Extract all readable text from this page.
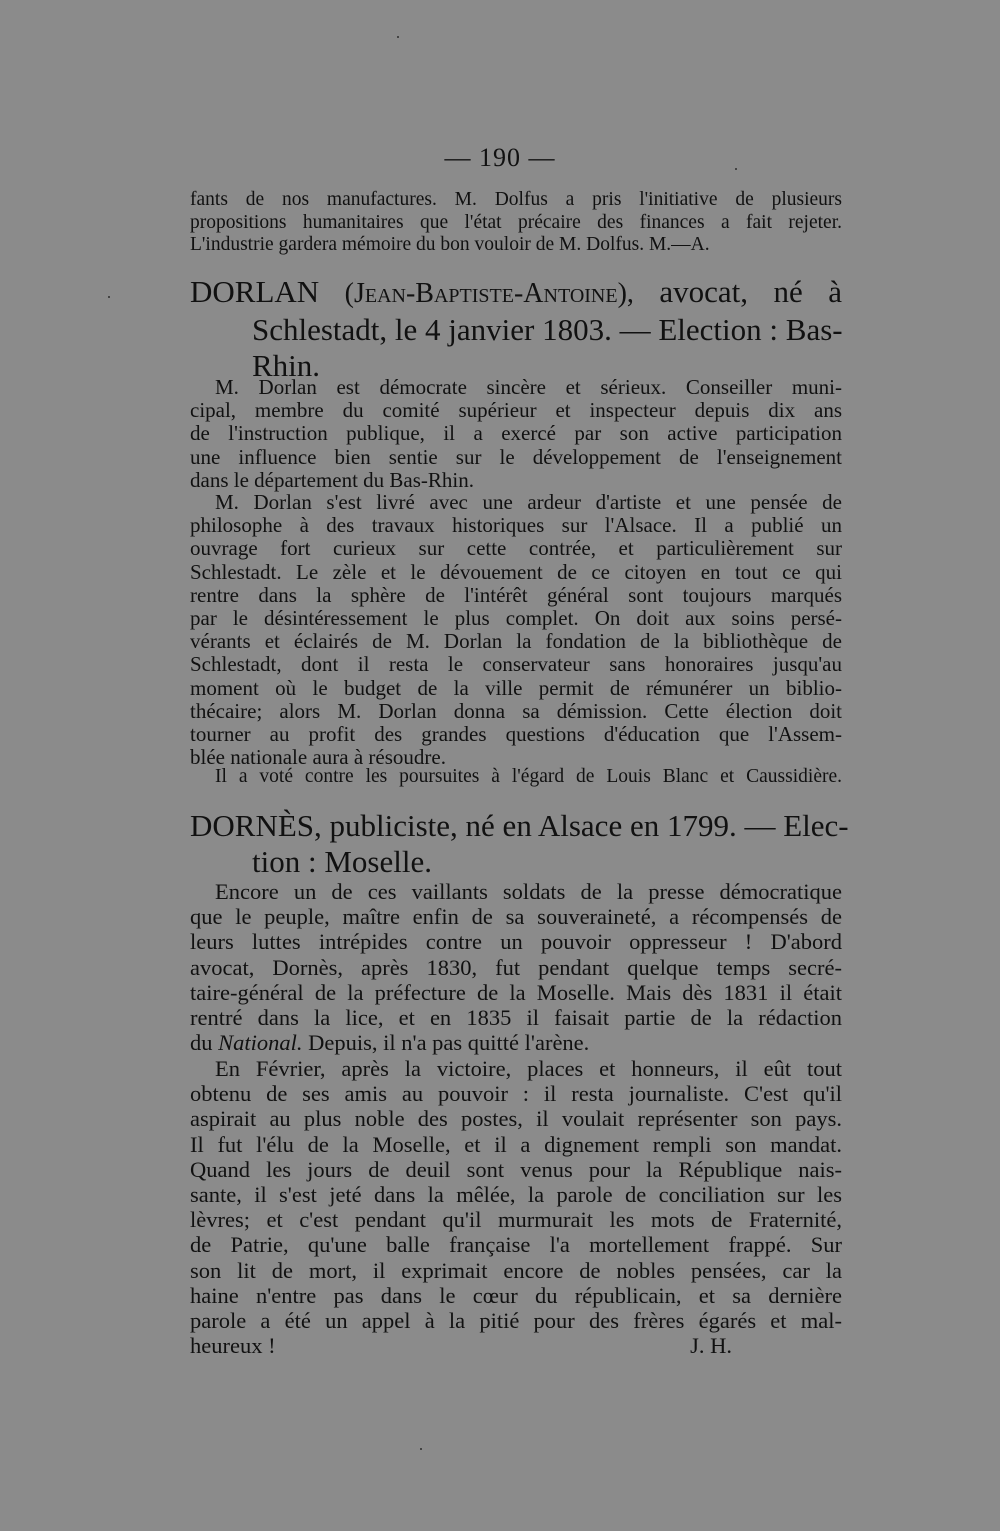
— 190 —
fants de nos manufactures. M. Dolfus a pris l'initiative de plusieurs
propositions humanitaires que l'état précaire des finances a fait rejeter.
L'industrie gardera mémoire du bon vouloir de M. Dolfus. M.—A.
DORLAN (Jean-Baptiste-Antoine), avocat, né à
Schlestadt, le 4 janvier 1803. — Election : Bas-
Rhin.
M. Dorlan est démocrate sincère et sérieux. Conseiller muni-
cipal, membre du comité supérieur et inspecteur depuis dix ans
de l'instruction publique, il a exercé par son active participation
une influence bien sentie sur le développement de l'enseignement
dans le département du Bas-Rhin.
M. Dorlan s'est livré avec une ardeur d'artiste et une pensée de
philosophe à des travaux historiques sur l'Alsace. Il a publié un
ouvrage fort curieux sur cette contrée, et particulièrement sur
Schlestadt. Le zèle et le dévouement de ce citoyen en tout ce qui
rentre dans la sphère de l'intérêt général sont toujours marqués
par le désintéressement le plus complet. On doit aux soins persé-
vérants et éclairés de M. Dorlan la fondation de la bibliothèque de
Schlestadt, dont il resta le conservateur sans honoraires jusqu'au
moment où le budget de la ville permit de rémunérer un biblio-
thécaire; alors M. Dorlan donna sa démission. Cette élection doit
tourner au profit des grandes questions d'éducation que l'Assem-
blée nationale aura à résoudre.
Il a voté contre les poursuites à l'égard de Louis Blanc et Caussidière.
DORNÈS, publiciste, né en Alsace en 1799. — Elec-
tion : Moselle.
Encore un de ces vaillants soldats de la presse démocratique
que le peuple, maître enfin de sa souveraineté, a récompensés de
leurs luttes intrépides contre un pouvoir oppresseur ! D'abord
avocat, Dornès, après 1830, fut pendant quelque temps secré-
taire-général de la préfecture de la Moselle. Mais dès 1831 il était
rentré dans la lice, et en 1835 il faisait partie de la rédaction
du National. Depuis, il n'a pas quitté l'arène.
En Février, après la victoire, places et honneurs, il eût tout
obtenu de ses amis au pouvoir : il resta journaliste. C'est qu'il
aspirait au plus noble des postes, il voulait représenter son pays.
Il fut l'élu de la Moselle, et il a dignement rempli son mandat.
Quand les jours de deuil sont venus pour la République nais-
sante, il s'est jeté dans la mêlée, la parole de conciliation sur les
lèvres; et c'est pendant qu'il murmurait les mots de Fraternité,
de Patrie, qu'une balle française l'a mortellement frappé. Sur
son lit de mort, il exprimait encore de nobles pensées, car la
haine n'entre pas dans le cœur du républicain, et sa dernière
parole a été un appel à la pitié pour des frères égarés et mal-
heureux !	J. H.
